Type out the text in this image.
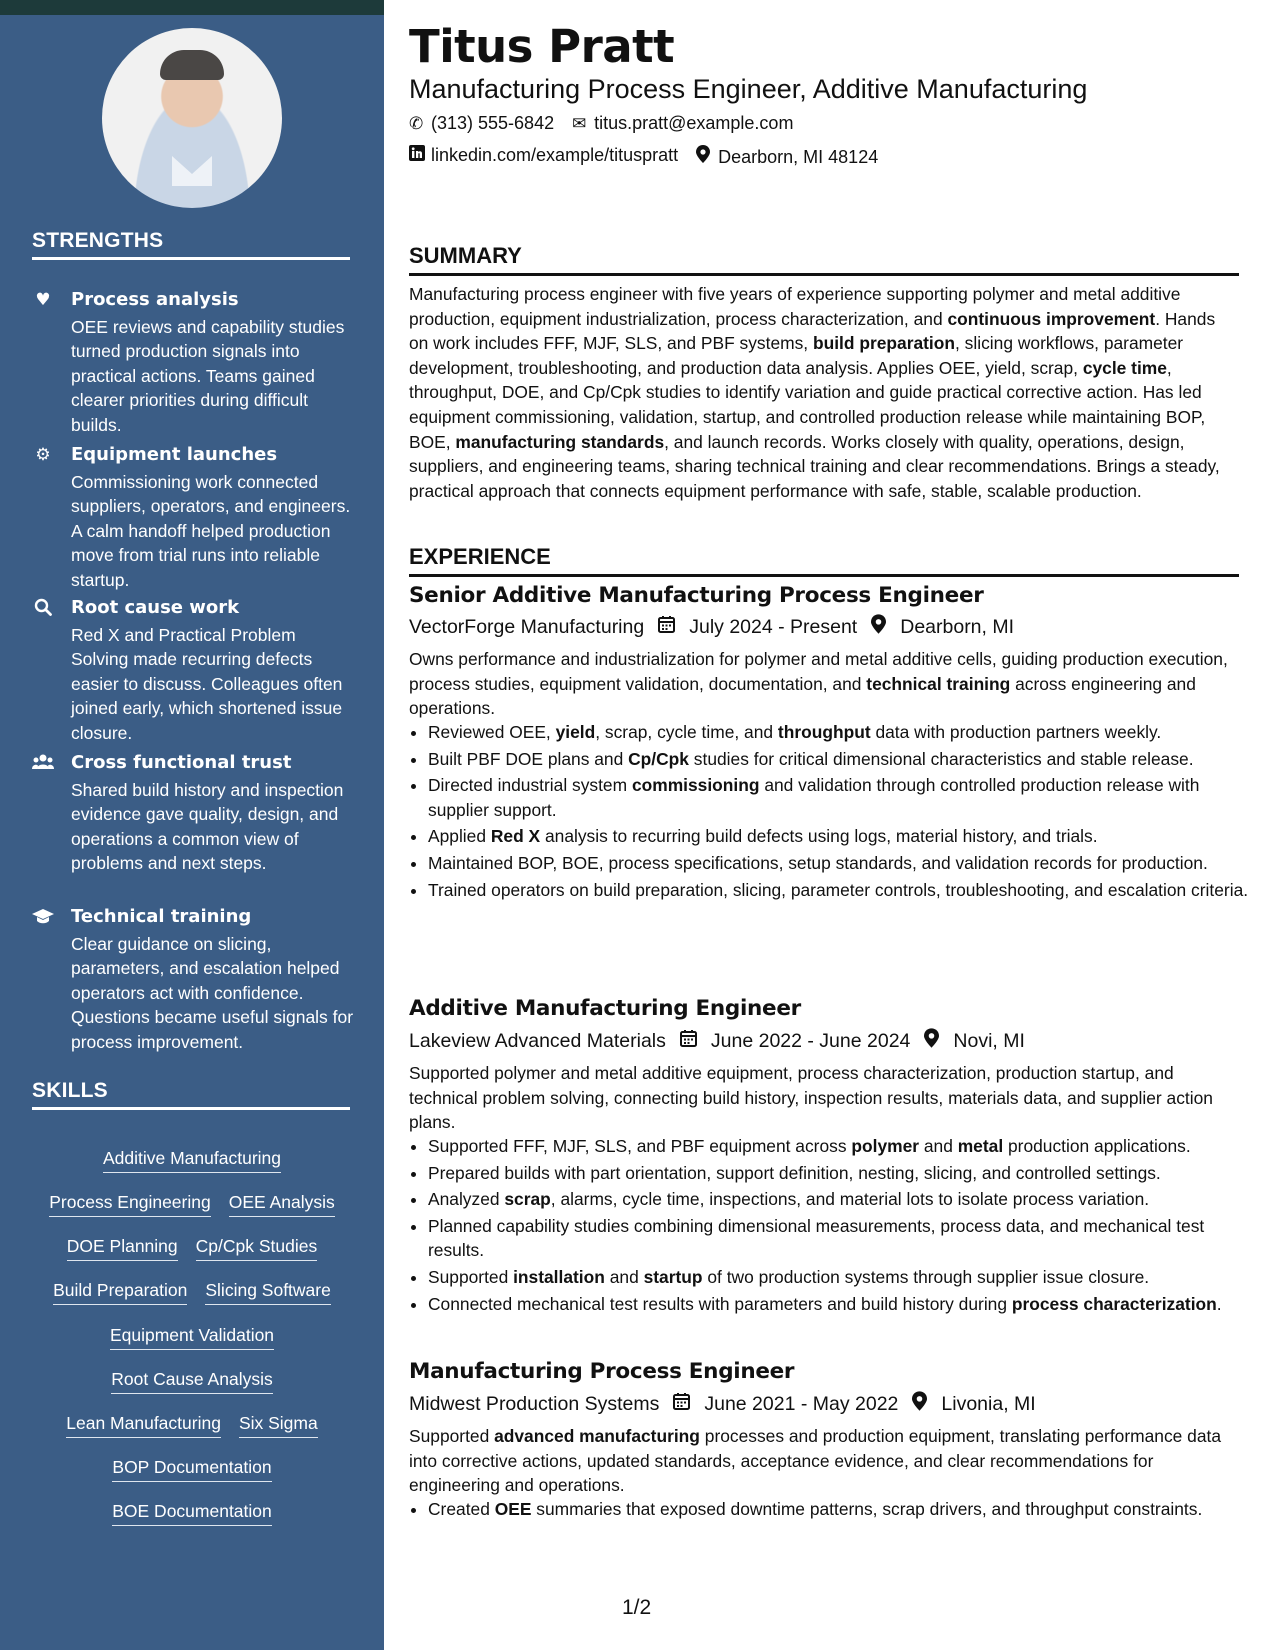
STRENGTHS
♥ Process analysis
OEE reviews and capability studies turned production signals into practical actions. Teams gained clearer priorities during difficult builds.
⚙ Equipment launches
Commissioning work connected suppliers, operators, and engineers. A calm handoff helped production move from trial runs into reliable startup.
Root cause work
Red X and Practical Problem Solving made recurring defects easier to discuss. Colleagues often joined early, which shortened issue closure.
Cross functional trust
Shared build history and inspection evidence gave quality, design, and operations a common view of problems and next steps.
Technical training
Clear guidance on slicing, parameters, and escalation helped operators act with confidence. Questions became useful signals for process improvement.
SKILLS
Additive Manufacturing
Process Engineering OEE Analysis
DOE Planning Cp/Cpk Studies
Build Preparation Slicing Software
Equipment Validation
Root Cause Analysis
Lean Manufacturing Six Sigma
BOP Documentation
BOE Documentation
Titus Pratt
Manufacturing Process Engineer, Additive Manufacturing
✆ (313) 555-6842 ✉ titus.pratt@example.com
linkedin.com/example/tituspratt	Dearborn, MI 48124
SUMMARY
Manufacturing process engineer with five years of experience supporting polymer and metal additive production, equipment industrialization, process characterization, and continuous improvement. Hands on work includes FFF, MJF, SLS, and PBF systems, build preparation, slicing workflows, parameter development, troubleshooting, and production data analysis. Applies OEE, yield, scrap, cycle time, throughput, DOE, and Cp/Cpk studies to identify variation and guide practical corrective action. Has led equipment commissioning, validation, startup, and controlled production release while maintaining BOP, BOE, manufacturing standards, and launch records. Works closely with quality, operations, design, suppliers, and engineering teams, sharing technical training and clear recommendations. Brings a steady, practical approach that connects equipment performance with safe, stable, scalable production.
EXPERIENCE
Senior Additive Manufacturing Process Engineer
VectorForge Manufacturing July 2024 - Present Dearborn, MI
Owns performance and industrialization for polymer and metal additive cells, guiding production execution, process studies, equipment validation, documentation, and technical training across engineering and operations.
• Reviewed OEE, yield, scrap, cycle time, and throughput data with production partners weekly.
• Built PBF DOE plans and Cp/Cpk studies for critical dimensional characteristics and stable release.
• Directed industrial system commissioning and validation through controlled production release with supplier support.
• Applied Red X analysis to recurring build defects using logs, material history, and trials.
• Maintained BOP, BOE, process specifications, setup standards, and validation records for production.
• Trained operators on build preparation, slicing, parameter controls, troubleshooting, and escalation criteria.
Additive Manufacturing Engineer
Lakeview Advanced Materials June 2022 - June 2024 Novi, MI
Supported polymer and metal additive equipment, process characterization, production startup, and technical problem solving, connecting build history, inspection results, materials data, and supplier action plans.
• Supported FFF, MJF, SLS, and PBF equipment across polymer and metal production applications.
• Prepared builds with part orientation, support definition, nesting, slicing, and controlled settings.
• Analyzed scrap, alarms, cycle time, inspections, and material lots to isolate process variation.
• Planned capability studies combining dimensional measurements, process data, and mechanical test results.
• Supported installation and startup of two production systems through supplier issue closure.
• Connected mechanical test results with parameters and build history during process characterization.
Manufacturing Process Engineer
Midwest Production Systems June 2021 - May 2022 Livonia, MI
Supported advanced manufacturing processes and production equipment, translating performance data into corrective actions, updated standards, acceptance evidence, and clear recommendations for engineering and operations.
• Created OEE summaries that exposed downtime patterns, scrap drivers, and throughput constraints.
1/2
